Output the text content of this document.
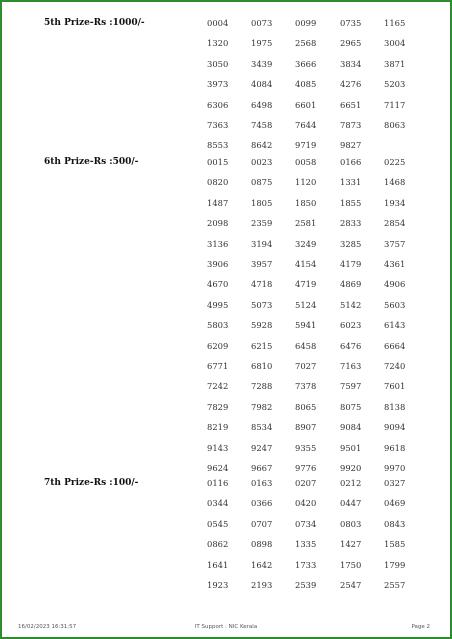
5th Prize-Rs :1000/-	0004	0073	0099	0735	1165
1320	1975	2568	2965	3004
3050	3439	3666	3834	3871
3973	4084	4085	4276	5203
6306	6498	6601	6651	7117
7363	7458	7644	7873	8063
8553	8642	9719	9827
6th Prize-Rs :500/-	0015	0023	0058	0166	0225
0820	0875	1120	1331	1468
1487	1805	1850	1855	1934
2098	2359	2581	2833	2854
3136	3194	3249	3285	3757
3906	3957	4154	4179	4361
4670	4718	4719	4869	4906
4995	5073	5124	5142	5603
5803	5928	5941	6023	6143
6209	6215	6458	6476	6664
6771	6810	7027	7163	7240
7242	7288	7378	7597	7601
7829	7982	8065	8075	8138
8219	8534	8907	9084	9094
9143	9247	9355	9501	9618
9624	9667	9776	9920	9970
7th Prize-Rs :100/-	0116	0163	0207	0212	0327
0344	0366	0420	0447	0469
0545	0707	0734	0803	0843
0862	0898	1335	1427	1585
1641	1642	1733	1750	1799
1923	2193	2539	2547	2557
16/02/2023 16:31:57	IT Support : NIC Kerala	Page 2
